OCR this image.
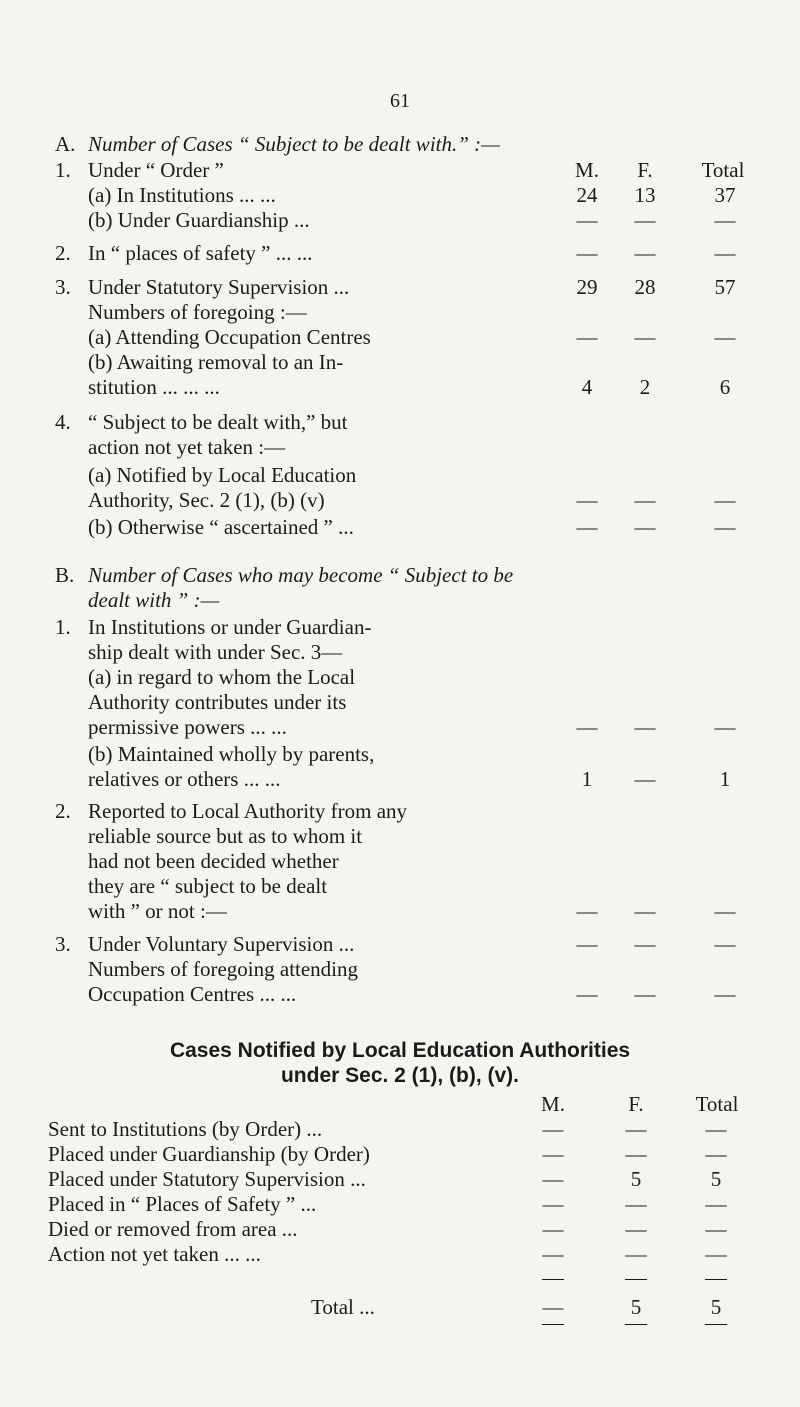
61
A. Number of Cases “ Subject to be dealt with.” :—
1. Under “ Order ”	M.	F.	Total
(a) In Institutions ... ...	24	13	37
(b) Under Guardianship ...	—	—	—
2. In “ places of safety ” ... ...	—	—	—
3. Under Statutory Supervision ...	29	28	57
Numbers of foregoing :—
(a) Attending Occupation Centres	—	—	—
(b) Awaiting removal to an In-
stitution ... ... ...	4	2	6
4. “ Subject to be dealt with,” but
action not yet taken :—
(a) Notified by Local Education
Authority, Sec. 2 (1), (b) (v)	—	—	—
(b) Otherwise “ ascertained ” ...	—	—	—
B. Number of Cases who may become “ Subject to be
dealt with ” :—
1. In Institutions or under Guardian-
ship dealt with under Sec. 3—
(a) in regard to whom the Local
Authority contributes under its
permissive powers ... ...	—	—	—
(b) Maintained wholly by parents,
relatives or others ... ...	1	—	1
2. Reported to Local Authority from any
reliable source but as to whom it
had not been decided whether
they are “ subject to be dealt
with ” or not :—	—	—	—
3. Under Voluntary Supervision ...	—	—	—
Numbers of foregoing attending
Occupation Centres ... ...	—	—	—
Cases Notified by Local Education Authorities
under Sec. 2 (1), (b), (v).
M.	F.	Total
Sent to Institutions (by Order) ...	—	—	—
Placed under Guardianship (by Order)	—	—	—
Placed under Statutory Supervision ...	—	5	5
Placed in “ Places of Safety ” ...	—	—	—
Died or removed from area ...	—	—	—
Action not yet taken ... ...	—	—	—
Total ...	—	5	5
